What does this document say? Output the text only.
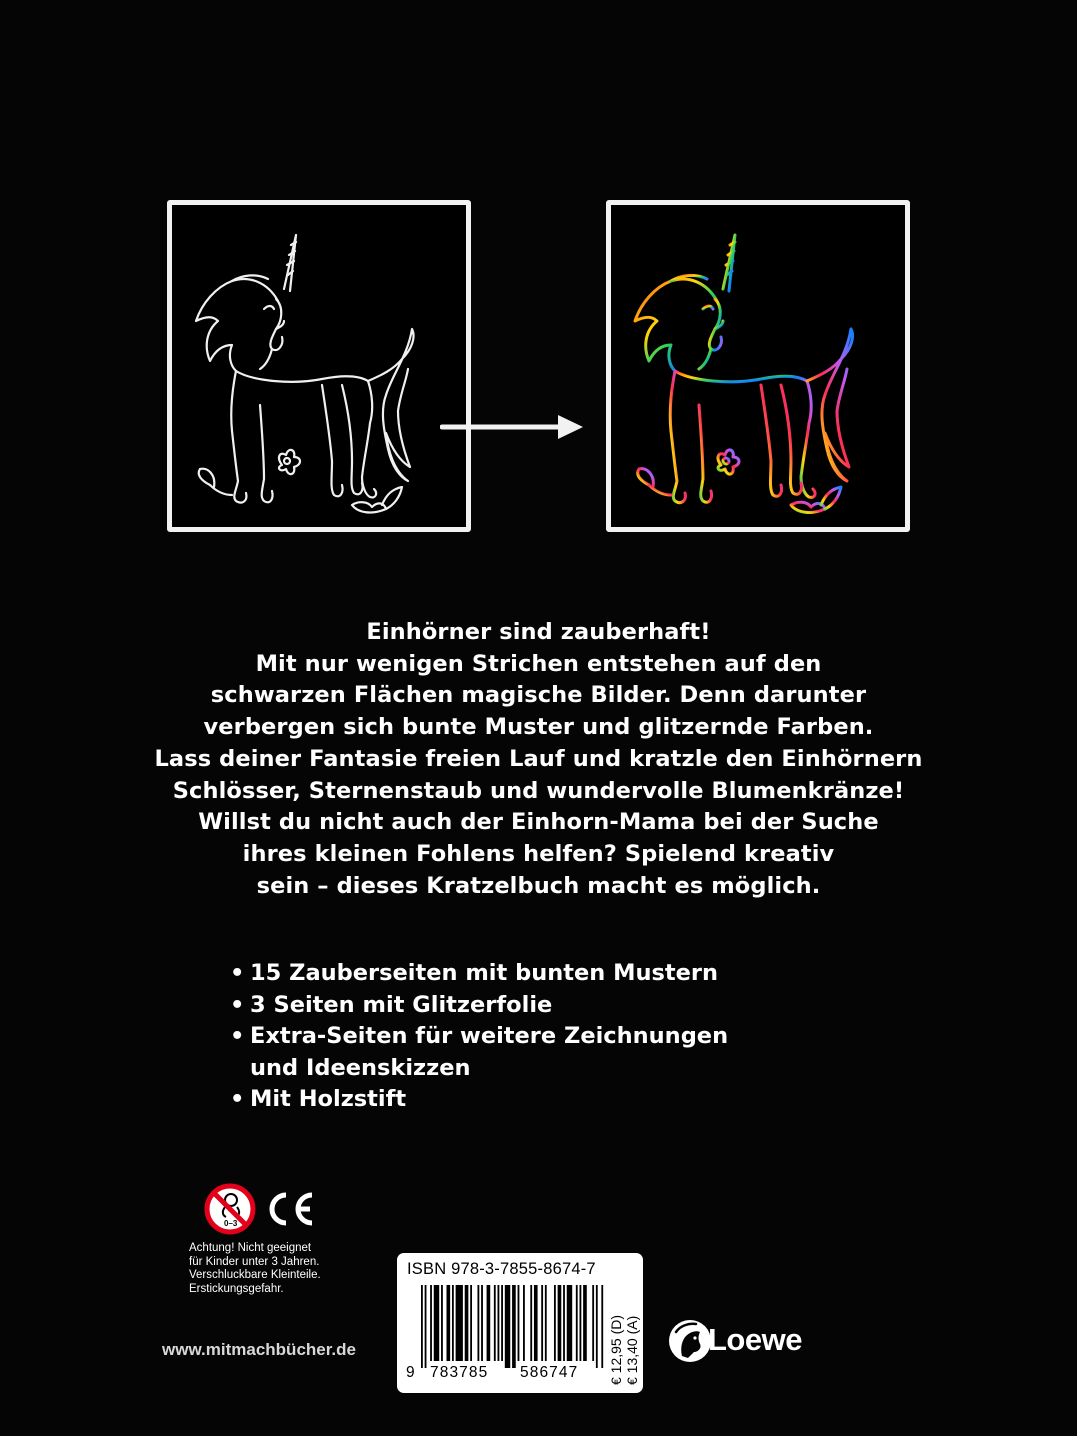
Einhörner sind zauberhaft!
Mit nur wenigen Strichen entstehen auf den
schwarzen Flächen magische Bilder. Denn darunter
verbergen sich bunte Muster und glitzernde Farben.
Lass deiner Fantasie freien Lauf und kratzle den Einhörnern
Schlösser, Sternenstaub und wundervolle Blumenkränze!
Willst du nicht auch der Einhorn-Mama bei der Suche
ihres kleinen Fohlens helfen? Spielend kreativ
sein – dieses Kratzelbuch macht es möglich.

• 15 Zauberseiten mit bunten Mustern
• 3 Seiten mit Glitzerfolie
• Extra-Seiten für weitere Zeichnungen
und Ideenskizzen
• Mit Holzstift
0–3

Achtung! Nicht geeignet
für Kinder unter 3 Jahren.
Verschluckbare Kleinteile.
Erstickungsgefahr.

www.mitmachbücher.de
ISBN 978-3-7855-8674-7
9 783785 586747 € 12,95 (D) € 13,40 (A) Loewe
